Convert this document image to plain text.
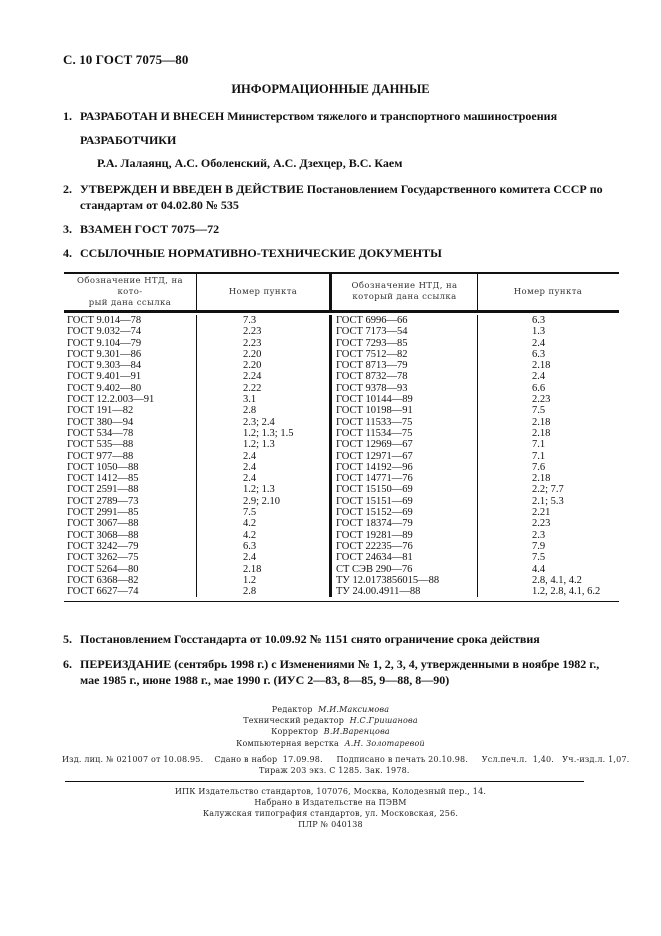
С. 10 ГОСТ 7075—80
ИНФОРМАЦИОННЫЕ ДАННЫЕ
1. РАЗРАБОТАН И ВНЕСЕН Министерством тяжелого и транспортного машиностроения
РАЗРАБОТЧИКИ
Р.А. Лалаянц, А.С. Оболенский, А.С. Дзехцер, В.С. Каем
2. УТВЕРЖДЕН И ВВЕДЕН В ДЕЙСТВИЕ Постановлением Государственного комитета СССР по
стандартам от 04.02.80 № 535
3. ВЗАМЕН ГОСТ 7075—72
4. ССЫЛОЧНЫЕ НОРМАТИВНО-ТЕХНИЧЕСКИЕ ДОКУМЕНТЫ
Обозначение НТД, на кото-
рый дана ссылка
Номер пункта
Обозначение НТД, на
который дана ссылка
Номер пункта
ГОСТ 9.014—78
ГОСТ 9.032—74
ГОСТ 9.104—79
ГОСТ 9.301—86
ГОСТ 9.303—84
ГОСТ 9.401—91
ГОСТ 9.402—80
ГОСТ 12.2.003—91
ГОСТ 191—82
ГОСТ 380—94
ГОСТ 534—78
ГОСТ 535—88
ГОСТ 977—88
ГОСТ 1050—88
ГОСТ 1412—85
ГОСТ 2591—88
ГОСТ 2789—73
ГОСТ 2991—85
ГОСТ 3067—88
ГОСТ 3068—88
ГОСТ 3242—79
ГОСТ 3262—75
ГОСТ 5264—80
ГОСТ 6368—82
ГОСТ 6627—74
7.3
2.23
2.23
2.20
2.20
2.24
2.22
3.1
2.8
2.3; 2.4
1.2; 1.3; 1.5
1.2; 1.3
2.4
2.4
2.4
1.2; 1.3
2.9; 2.10
7.5
4.2
4.2
6.3
2.4
2.18
1.2
2.8
ГОСТ 6996—66
ГОСТ 7173—54
ГОСТ 7293—85
ГОСТ 7512—82
ГОСТ 8713—79
ГОСТ 8732—78
ГОСТ 9378—93
ГОСТ 10144—89
ГОСТ 10198—91
ГОСТ 11533—75
ГОСТ 11534—75
ГОСТ 12969—67
ГОСТ 12971—67
ГОСТ 14192—96
ГОСТ 14771—76
ГОСТ 15150—69
ГОСТ 15151—69
ГОСТ 15152—69
ГОСТ 18374—79
ГОСТ 19281—89
ГОСТ 22235—76
ГОСТ 24634—81
СТ СЭВ 290—76
ТУ 12.0173856015—88
ТУ 24.00.4911—88
6.3
1.3
2.4
6.3
2.18
2.4
6.6
2.23
7.5
2.18
2.18
7.1
7.1
7.6
2.18
2.2; 7.7
2.1; 5.3
2.21
2.23
2.3
7.9
7.5
4.4
2.8, 4.1, 4.2
1.2, 2.8, 4.1, 6.2
5. Постановлением Госстандарта от 10.09.92 № 1151 снято ограничение срока действия
6. ПЕРЕИЗДАНИЕ (сентябрь 1998 г.) с Изменениями № 1, 2, 3, 4, утвержденными в ноябре 1982 г.,
мае 1985 г., июне 1988 г., мае 1990 г. (ИУС 2—83, 8—85, 9—88, 8—90)
Редактор М.И.Максимова
Технический редактор Н.С.Гришанова
Корректор В.И.Варенцова
Компьютерная верстка А.Н. Золотаревой
Изд. лиц. № 021007 от 10.08.95.    Сдано в набор  17.09.98.     Подписано в печать 20.10.98.     Усл.печ.л.  1,40.   Уч.-изд.л. 1,07.
Тираж 203 экз. С 1285. Зак. 1978.
ИПК Издательство стандартов, 107076, Москва, Колодезный пер., 14.
Набрано в Издательстве на ПЭВМ
Калужская типография стандартов, ул. Московская, 256.
ПЛР № 040138
